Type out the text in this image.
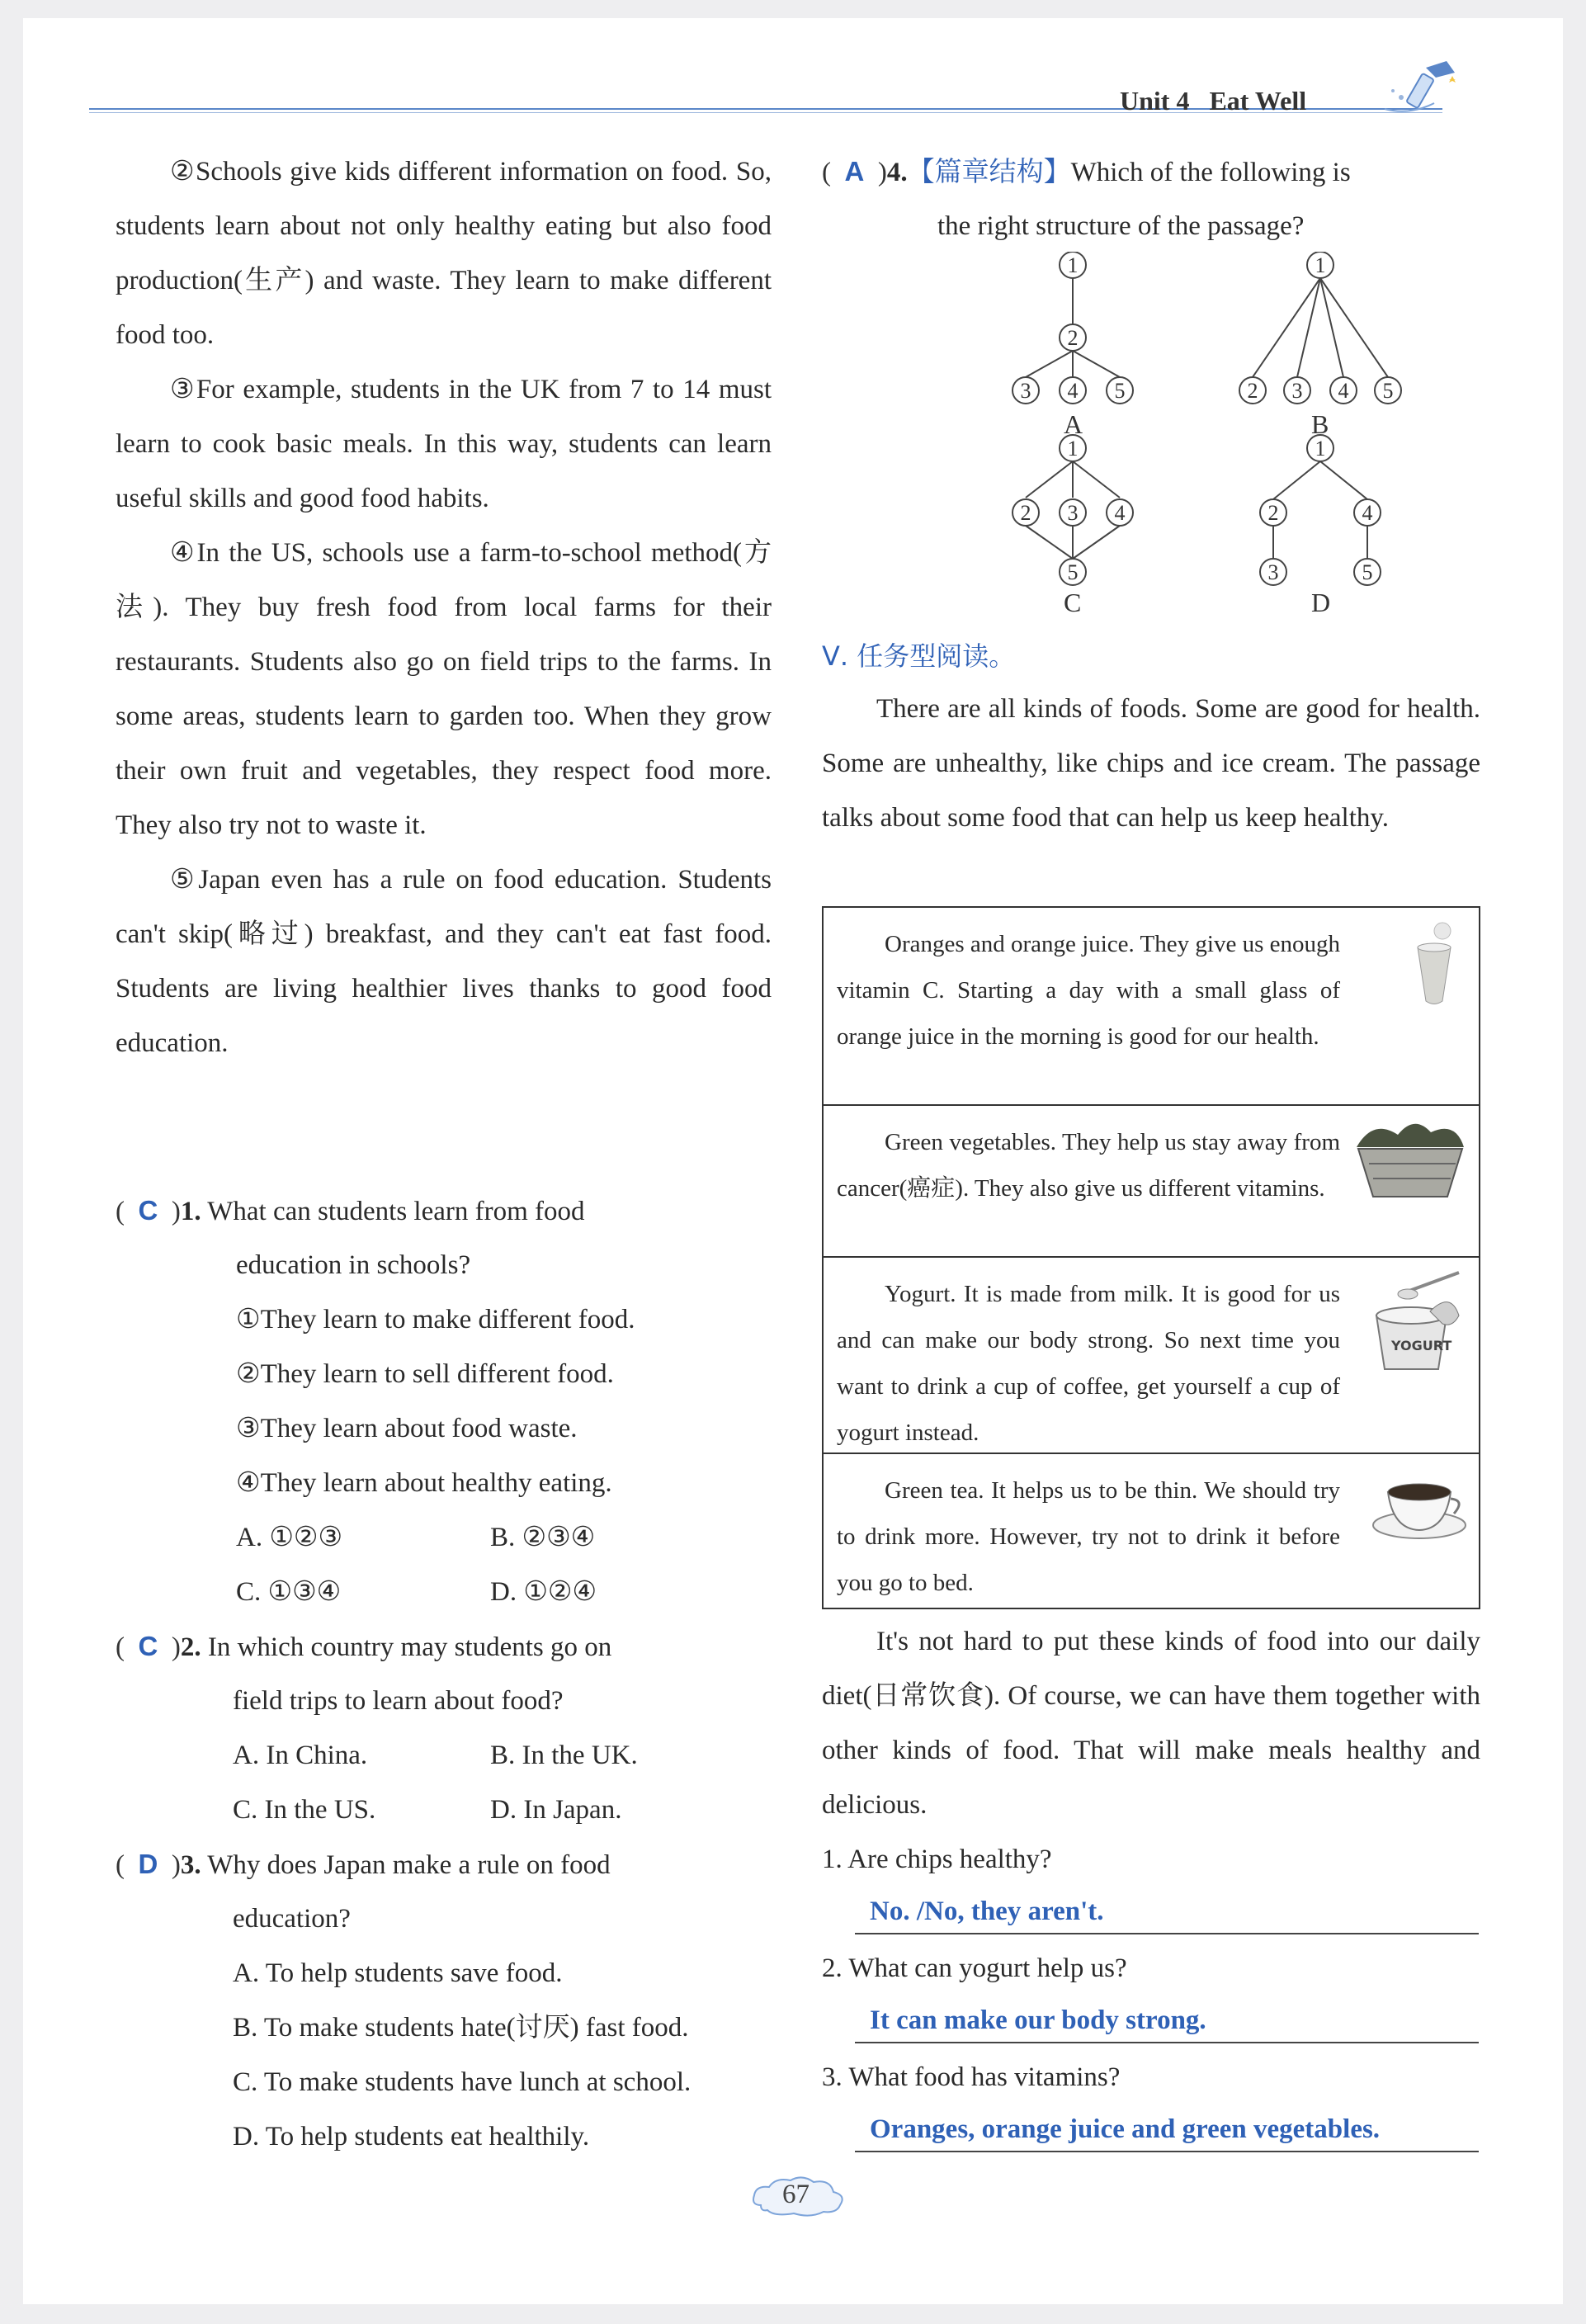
Unit 4 Eat Well

②Schools give kids different information on food. So, students learn about not only healthy eating but also food production(生产) and waste. They learn to make different food too.

③For example, students in the UK from 7 to 14 must learn to cook basic meals. In this way, students can learn useful skills and good food habits.

④In the US, schools use a farm-to-school method(方法). They buy fresh food from local farms for their restaurants. Students also go on field trips to the farms. In some areas, students learn to garden too. When they grow their own fruit and vegetables, they respect food more. They also try not to waste it.

⑤Japan even has a rule on food education. Students can't skip(略过) breakfast, and they can't eat fast food. Students are living healthier lives thanks to good food education.

(  C  )1. What can students learn from food
education in schools?
①They learn to make different food.
②They learn to sell different food.
③They learn about food waste.
④They learn about healthy eating.
A. ①②③	B. ②③④
C. ①③④	D. ①②④
(  C  )2. In which country may students go on
field trips to learn about food?
A. In China.	B. In the UK.
C. In the US.	D. In Japan.
(  D  )3. Why does Japan make a rule on food
education?
A. To help students save food.
B. To make students hate(讨厌) fast food.
C. To make students have lunch at school.
D. To help students eat healthily.
(  A  )4.【篇章结构】Which of the following is
the right structure of the passage?
1
2
3 4 5
1
2 3 4 5
1
2 3 4
5
1
2	4
3	5
A	B
C	D
Ⅴ. 任务型阅读。

There are all kinds of foods. Some are good for health. Some are unhealthy, like chips and ice cream. The passage talks about some food that can help us keep healthy.

Oranges and orange juice. They give us enough vitamin C. Starting a day with a small glass of orange juice in the morning is good for our health.
Green vegetables. They help us stay away from cancer(癌症). They also give us different vitamins.
Yogurt. It is made from milk. It is good for us and can make our body strong. So next time you want to drink a cup of coffee, get yourself a cup of yogurt instead.
YOGURT
Green tea. It helps us to be thin. We should try to drink more. However, try not to drink it before you go to bed.

It's not hard to put these kinds of food into our daily diet(日常饮食). Of course, we can have them together with other kinds of food. That will make meals healthy and delicious.

1. Are chips healthy?
No. /No, they aren't.
2. What can yogurt help us?
It can make our body strong.
3. What food has vitamins?
Oranges, orange juice and green vegetables.
67
